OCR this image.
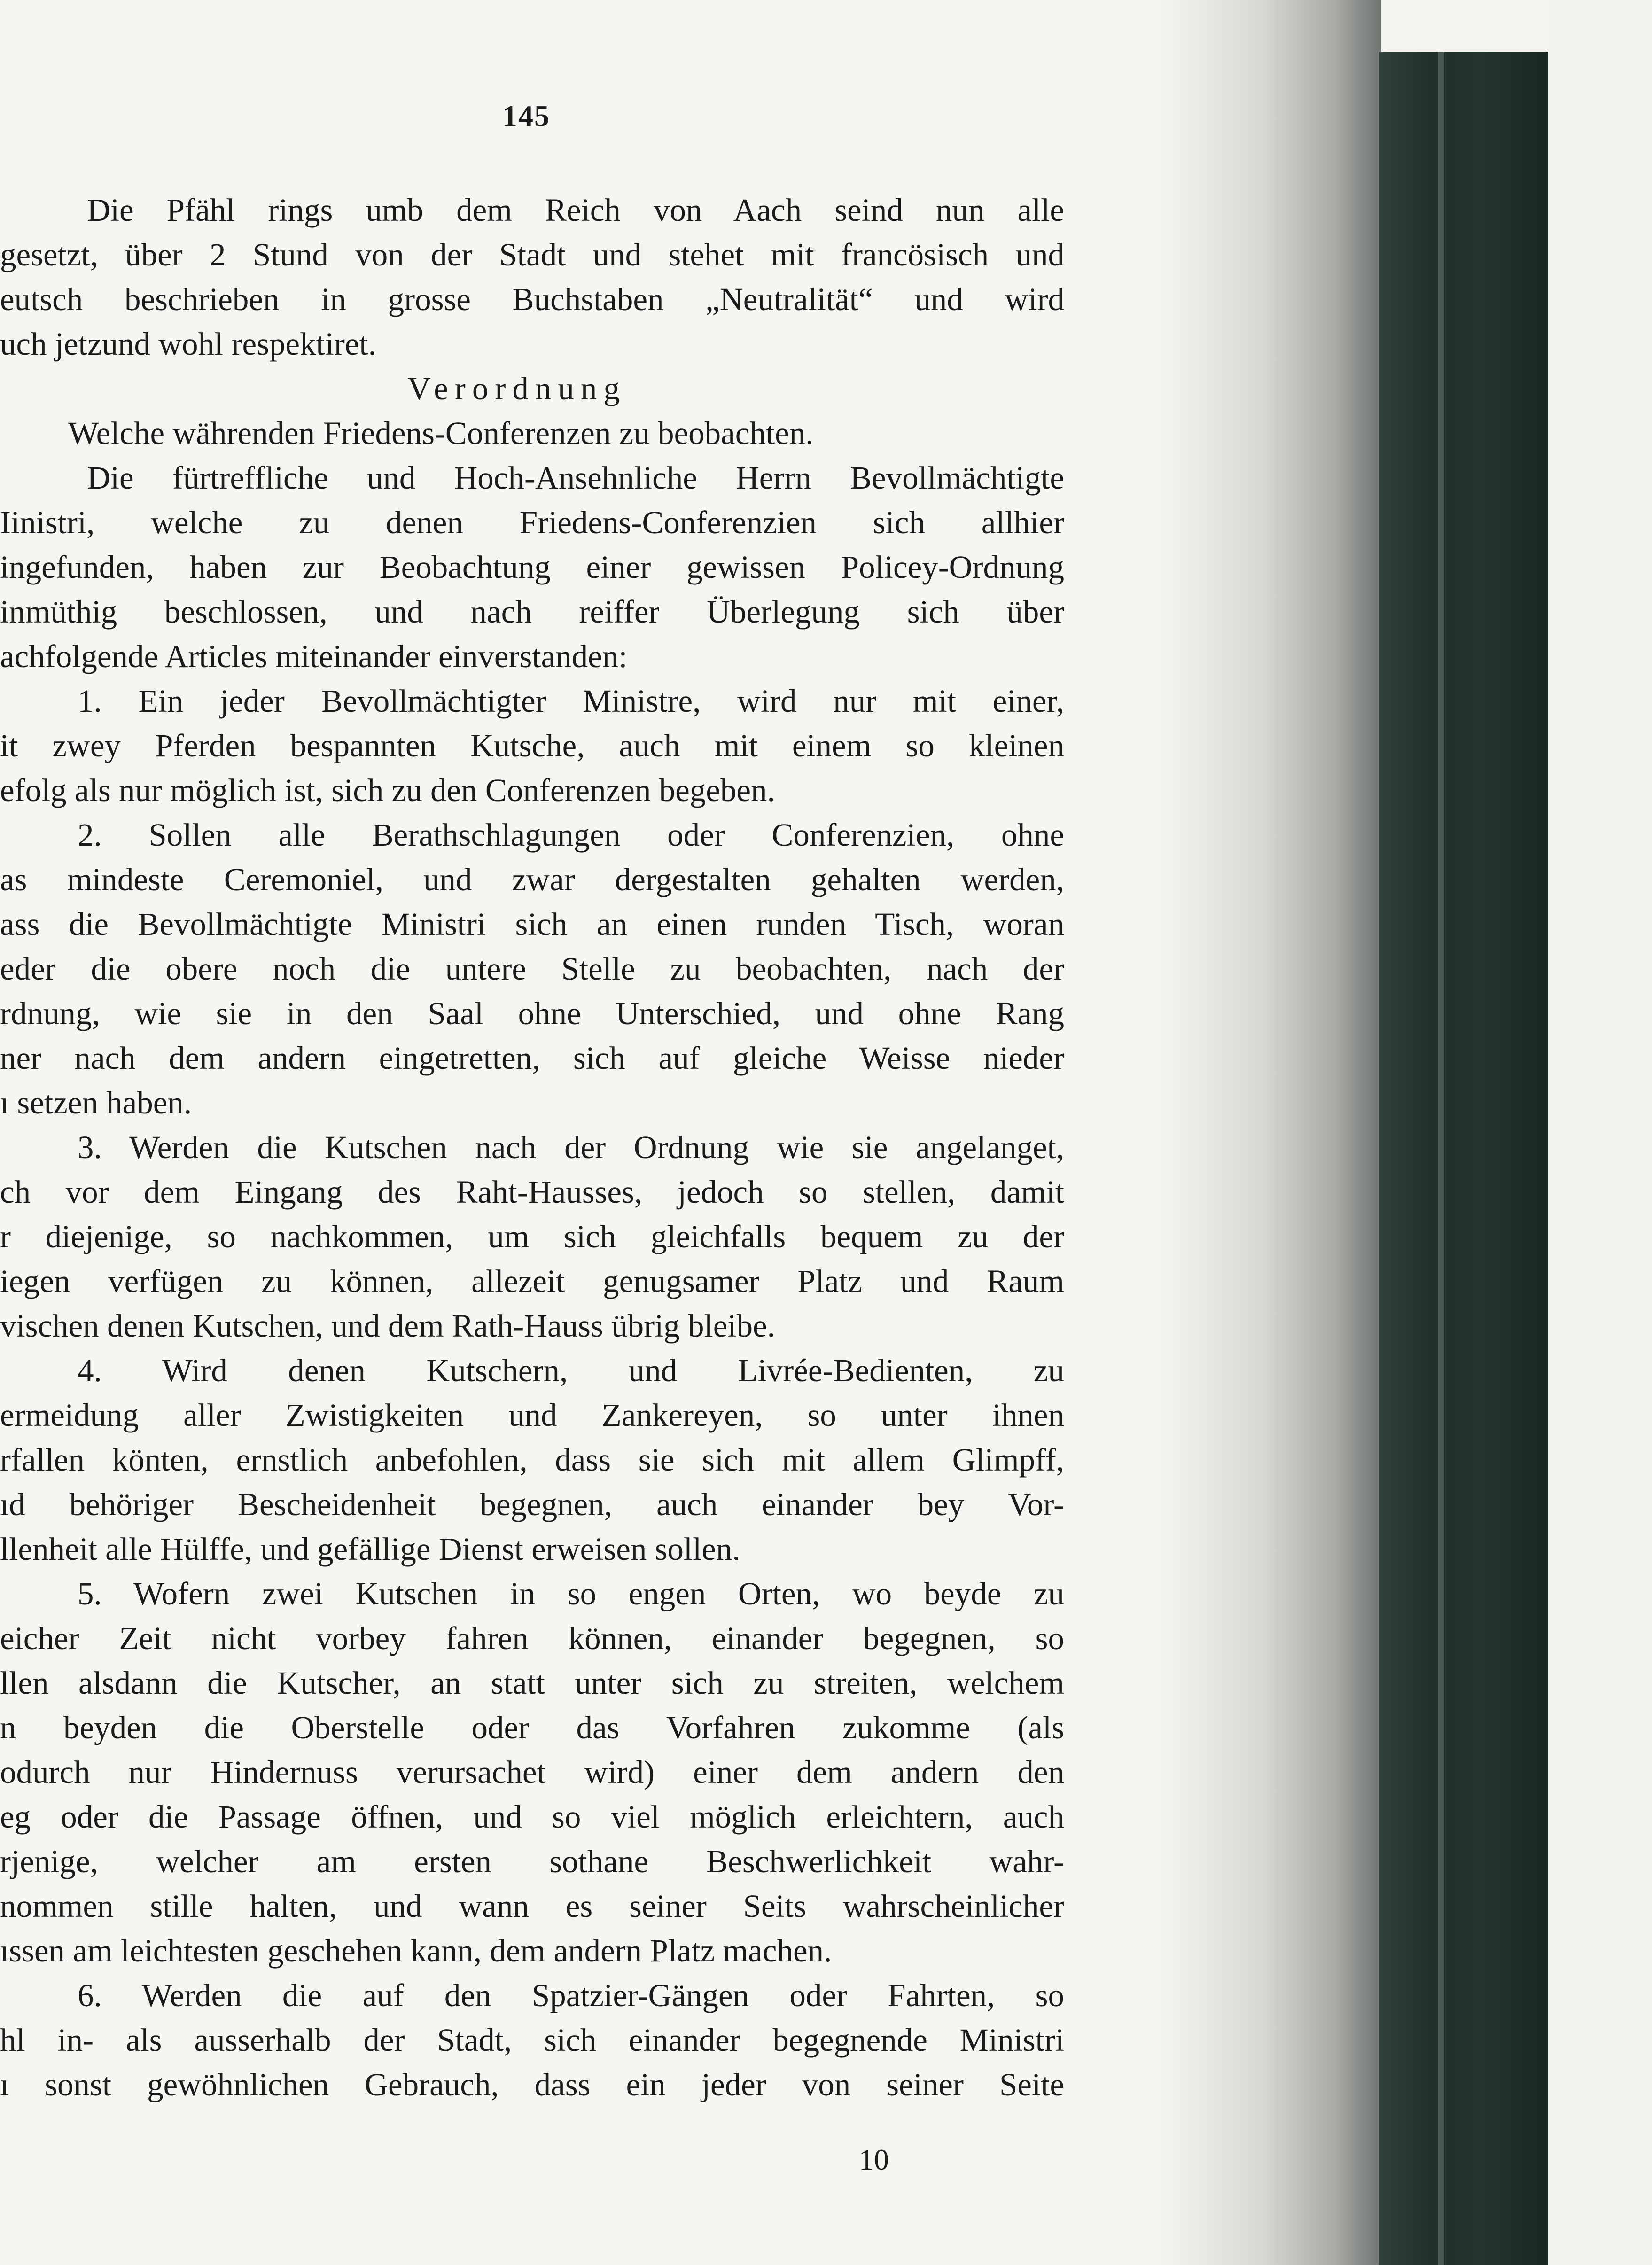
145
Die Pfähl rings umb dem Reich von Aach seind nun alle
gesetzt, über 2 Stund von der Stadt und stehet mit francösisch und
eutsch beschrieben in grosse Buchstaben „Neutralität“ und wird
uch jetzund wohl respektiret.
Verordnung
Welche währenden Friedens-Conferenzen zu beobachten.
Die fürtreffliche und Hoch-Ansehnliche Herrn Bevollmächtigte
Iinistri, welche zu denen Friedens-Conferenzien sich allhier
ingefunden, haben zur Beobachtung einer gewissen Policey-Ordnung
inmüthig beschlossen, und nach reiffer Überlegung sich über
achfolgende Articles miteinander einverstanden:
1. Ein jeder Bevollmächtigter Ministre, wird nur mit einer,
it zwey Pferden bespannten Kutsche, auch mit einem so kleinen
efolg als nur möglich ist, sich zu den Conferenzen begeben.
2. Sollen alle Berathschlagungen oder Conferenzien, ohne
as mindeste Ceremoniel, und zwar dergestalten gehalten werden,
ass die Bevollmächtigte Ministri sich an einen runden Tisch, woran
eder die obere noch die untere Stelle zu beobachten, nach der
rdnung, wie sie in den Saal ohne Unterschied, und ohne Rang
ner nach dem andern eingetretten, sich auf gleiche Weisse nieder
ı setzen haben.
3. Werden die Kutschen nach der Ordnung wie sie angelanget,
ch vor dem Eingang des Raht-Hausses, jedoch so stellen, damit
r diejenige, so nachkommen, um sich gleichfalls bequem zu der
iegen verfügen zu können, allezeit genugsamer Platz und Raum
vischen denen Kutschen, und dem Rath-Hauss übrig bleibe.
4. Wird denen Kutschern, und Livrée-Bedienten, zu
ermeidung aller Zwistigkeiten und Zankereyen, so unter ihnen
rfallen könten, ernstlich anbefohlen, dass sie sich mit allem Glimpff,
ıd behöriger Bescheidenheit begegnen, auch einander bey Vor-
llenheit alle Hülffe, und gefällige Dienst erweisen sollen.
5. Wofern zwei Kutschen in so engen Orten, wo beyde zu
eicher Zeit nicht vorbey fahren können, einander begegnen, so
llen alsdann die Kutscher, an statt unter sich zu streiten, welchem
n beyden die Oberstelle oder das Vorfahren zukomme (als
odurch nur Hindernuss verursachet wird) einer dem andern den
eg oder die Passage öffnen, und so viel möglich erleichtern, auch
rjenige, welcher am ersten sothane Beschwerlichkeit wahr-
nommen stille halten, und wann es seiner Seits wahrscheinlicher
ıssen am leichtesten geschehen kann, dem andern Platz machen.
6. Werden die auf den Spatzier-Gängen oder Fahrten, so
hl in- als ausserhalb der Stadt, sich einander begegnende Ministri
ı sonst gewöhnlichen Gebrauch, dass ein jeder von seiner Seite
10
